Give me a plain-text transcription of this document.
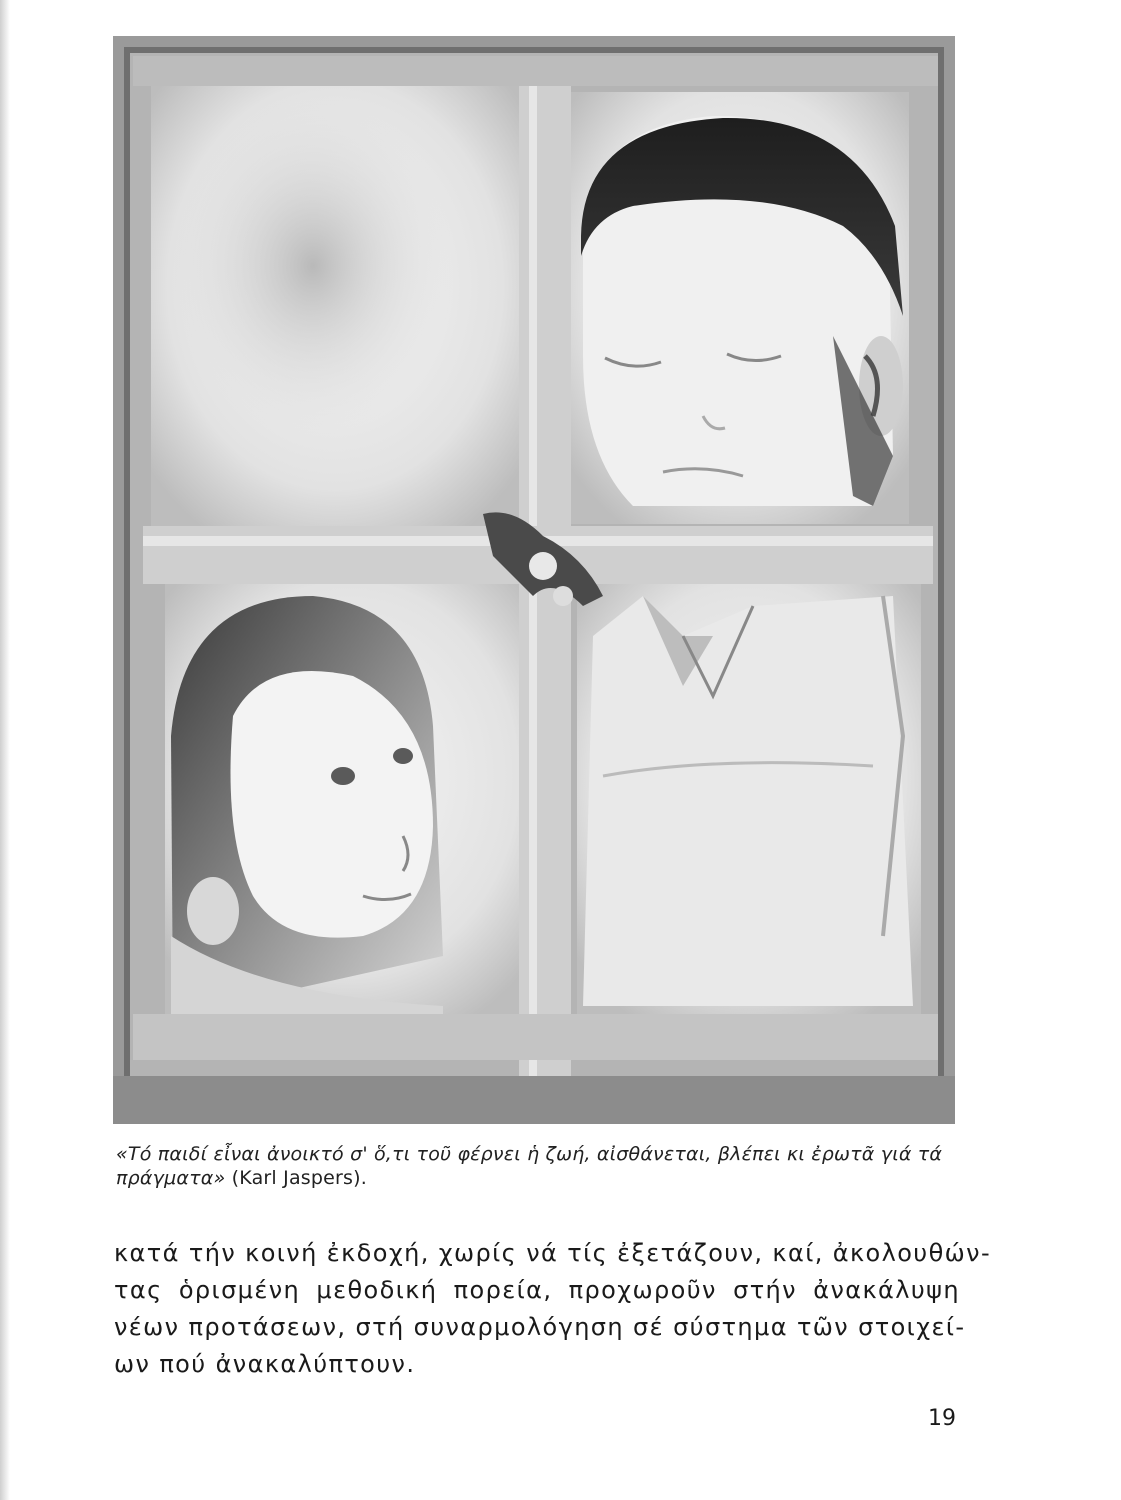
«Τό παιδί εἶναι ἀνοικτό σ' ὅ,τι τοῦ φέρνει ἡ ζωή, αἰσθάνεται, βλέπει κι ἐρωτᾶ γιά τά πράγματα» (Karl Jaspers).
κατά τήν κοινή ἐκδοχή, χωρίς νά τίς ἐξετάζουν, καί, ἀκολουθών-
τας ὁρισμένη μεθοδική πορεία, προχωροῦν στήν ἀνακάλυψη
νέων προτάσεων, στή συναρμολόγηση σέ σύστημα τῶν στοιχεί-
ων πού ἀνακαλύπτουν.
19
